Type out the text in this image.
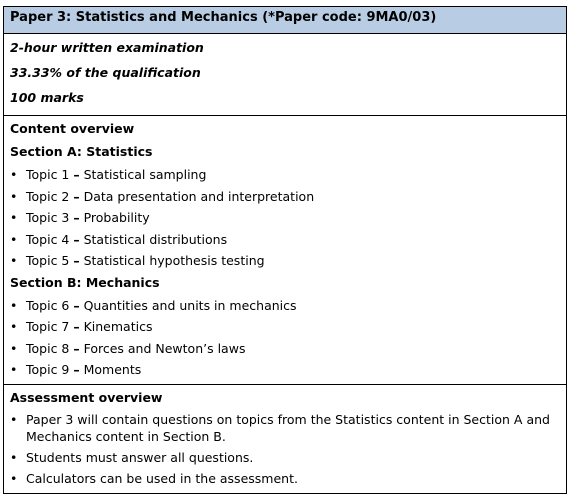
Paper 3: Statistics and Mechanics (*Paper code: 9MA0/03)
2-hour written examination
33.33% of the qualification
100 marks
Content overview
Section A: Statistics
• Topic 1 – Statistical sampling
• Topic 2 – Data presentation and interpretation
• Topic 3 – Probability
• Topic 4 – Statistical distributions
• Topic 5 – Statistical hypothesis testing
Section B: Mechanics
• Topic 6 – Quantities and units in mechanics
• Topic 7 – Kinematics
• Topic 8 – Forces and Newton’s laws
• Topic 9 – Moments
Assessment overview
• Paper 3 will contain questions on topics from the Statistics content in Section A and Mechanics content in Section B.
• Students must answer all questions.
• Calculators can be used in the assessment.
